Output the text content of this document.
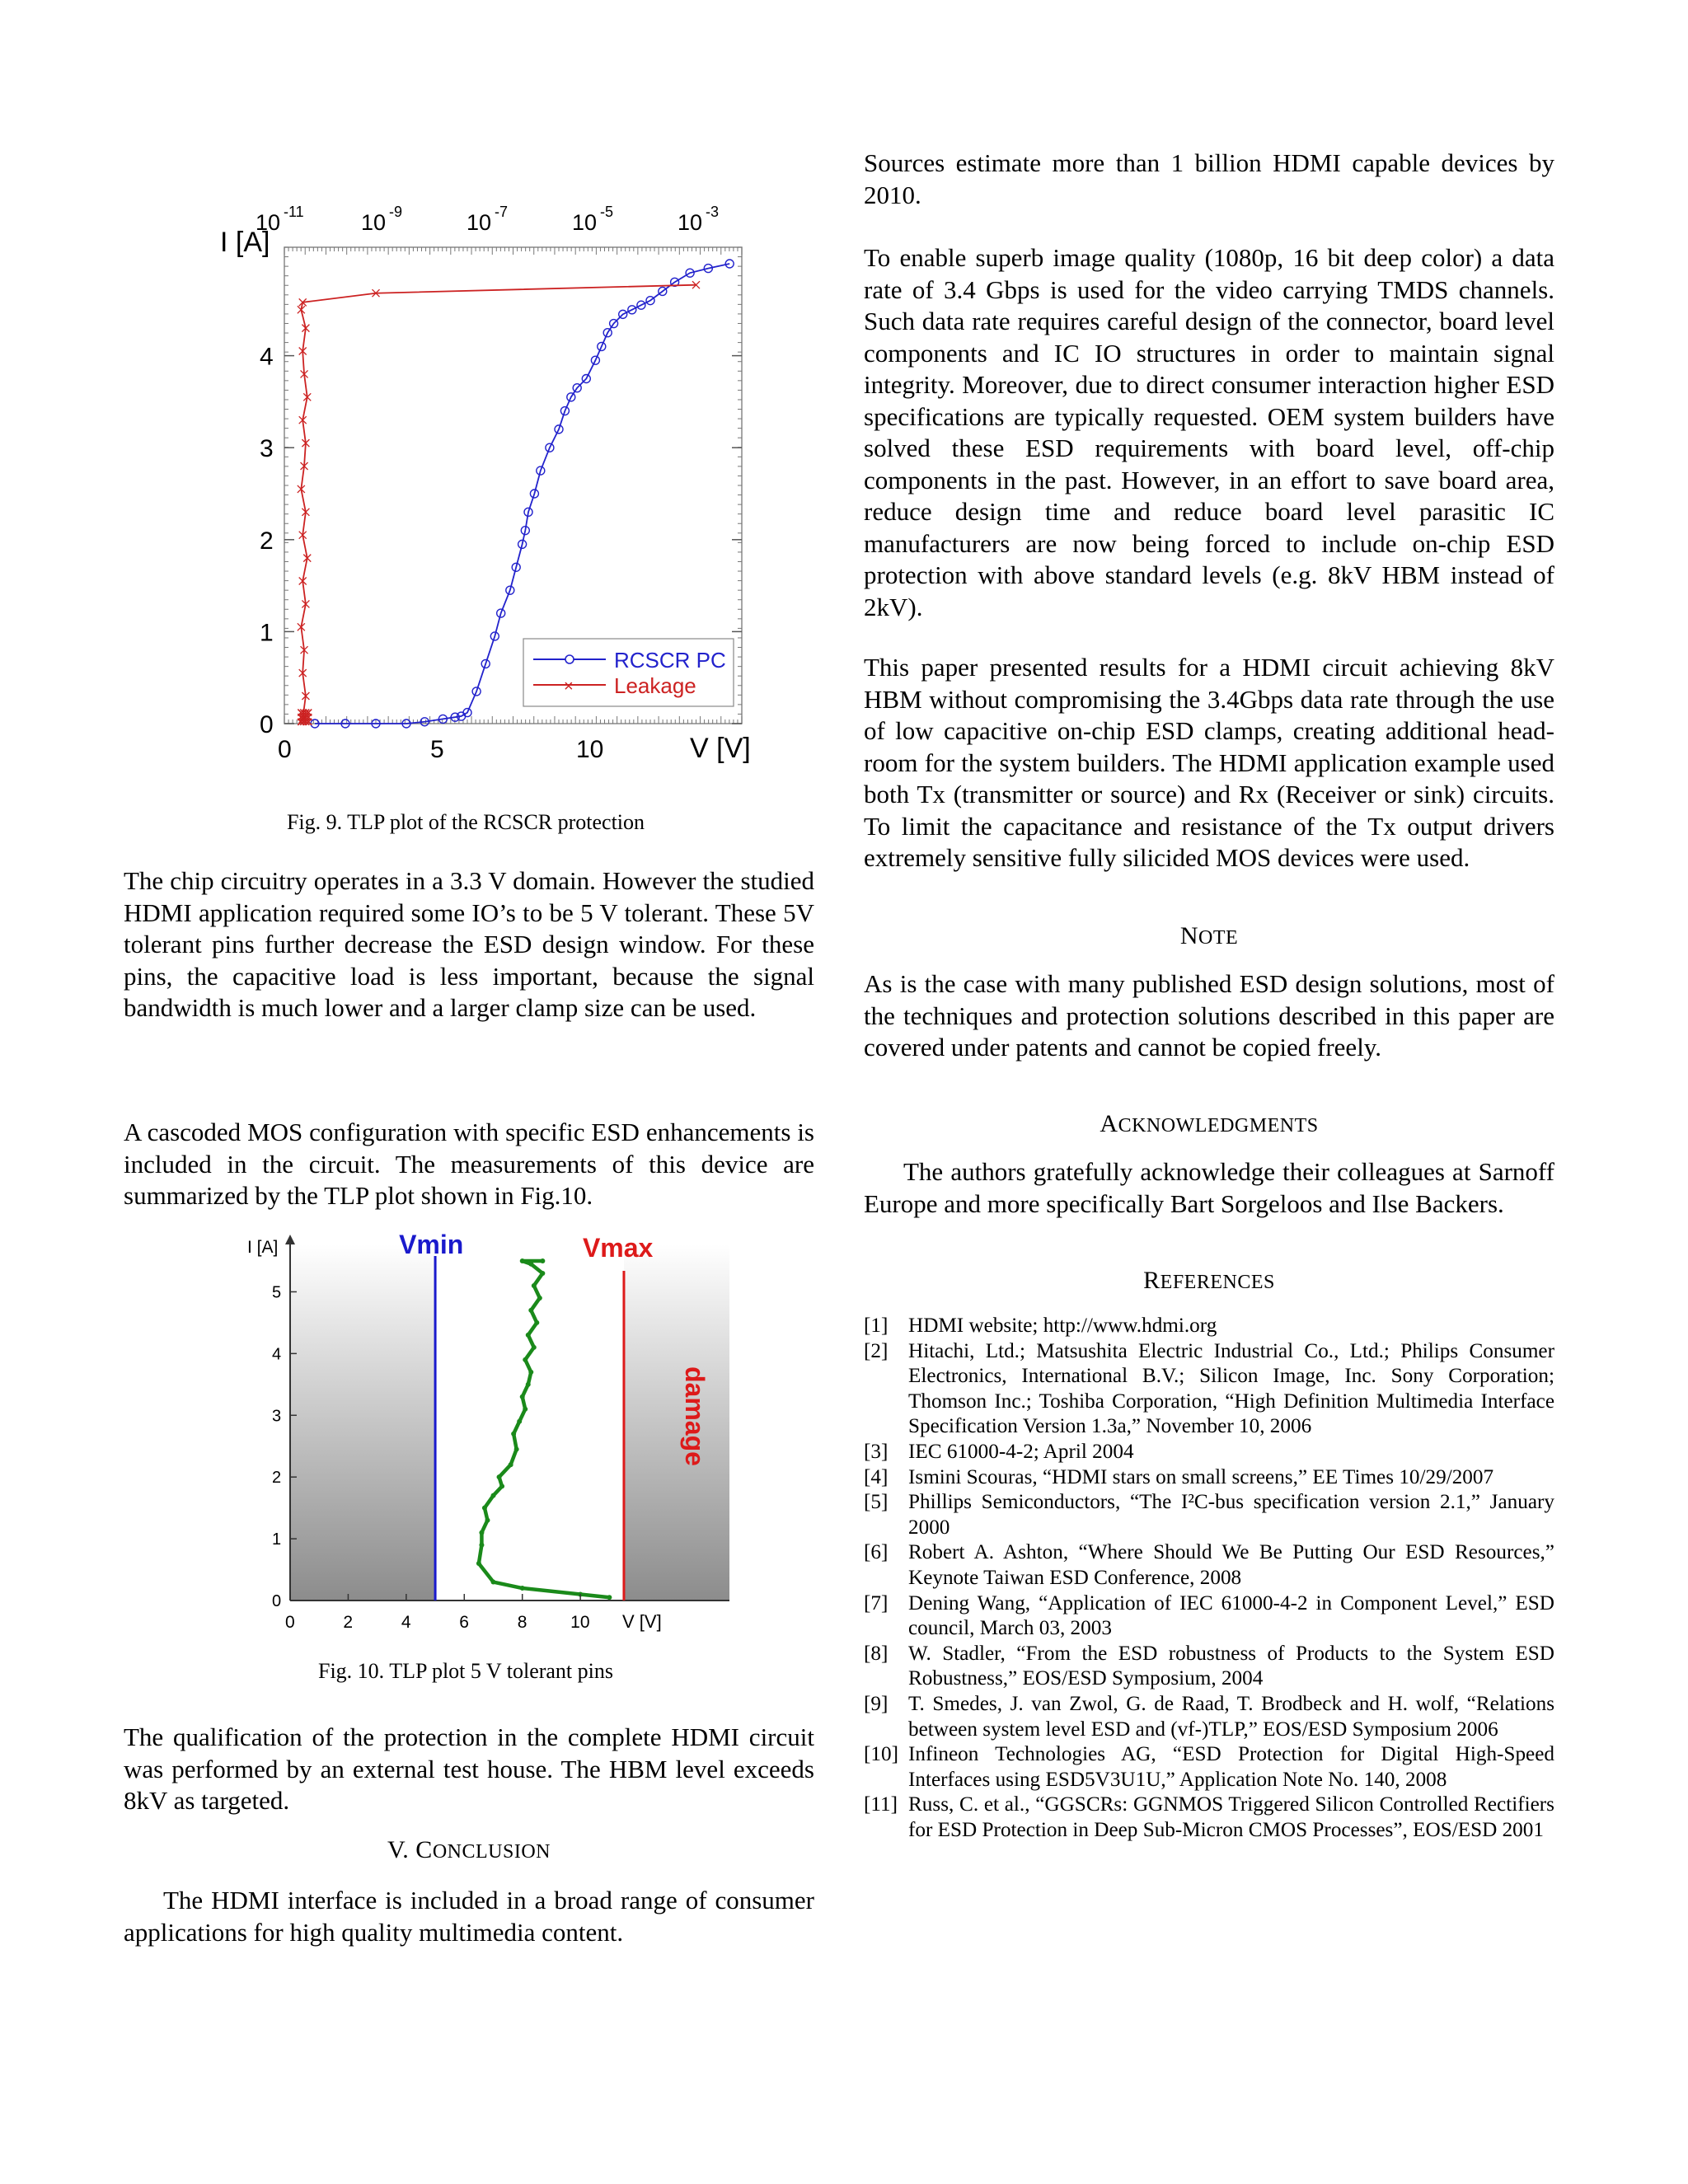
10 -11	10 -9	10 -7	10 -5	10 -3
0
1
2
3
4
0	5	10
I [A]
V [V]
RCSCR PC
× Leakage
Fig. 9. TLP plot of the RCSCR protection
The chip circuitry operates in a 3.3 V domain. However the studied HDMI application required some IO’s to be 5 V tolerant. These 5V tolerant pins further decrease the ESD design window. For these pins, the capacitive load is less important, because the signal bandwidth is much lower and a larger clamp size can be used.
A cascoded MOS configuration with specific ESD enhancements is included in the circuit. The measurements of this device are summarized by the TLP plot shown in Fig.10.
0
1
2
3
4
5
0	2	4	6	8	10
I [A]
V [V]
Vmin	Vmax
damage
Fig. 10. TLP plot 5 V tolerant pins
The qualification of the protection in the complete HDMI circuit was performed by an external test house. The HBM level exceeds 8kV as targeted.
V. CONCLUSION
The HDMI interface is included in a broad range of consumer applications for high quality multimedia content.
Sources estimate more than 1 billion HDMI capable devices by 2010.
To enable superb image quality (1080p, 16 bit deep color) a data rate of 3.4 Gbps is used for the video carrying TMDS channels. Such data rate requires careful design of the connector, board level components and IC IO structures in order to maintain signal integrity. Moreover, due to direct consumer interaction higher ESD specifications are typically requested. OEM system builders have solved these ESD requirements with board level, off-chip components in the past. However, in an effort to save board area, reduce design time and reduce board level parasitic IC manufacturers are now being forced to include on-chip ESD protection with above standard levels (e.g. 8kV HBM instead of 2kV).
This paper presented results for a HDMI circuit achieving 8kV HBM without compromising the 3.4Gbps data rate through the use of low capacitive on-chip ESD clamps, creating additional head-room for the system builders. The HDMI application example used both Tx (transmitter or source) and Rx (Receiver or sink) circuits. To limit the capacitance and resistance of the Tx output drivers extremely sensitive fully silicided MOS devices were used.
NOTE
As is the case with many published ESD design solutions, most of the techniques and protection solutions described in this paper are covered under patents and cannot be copied freely.
ACKNOWLEDGMENTS
The authors gratefully acknowledge their colleagues at Sarnoff Europe and more specifically Bart Sorgeloos and Ilse Backers.
REFERENCES
[1] HDMI website; http://www.hdmi.org
[2] Hitachi, Ltd.; Matsushita Electric Industrial Co., Ltd.; Philips Consumer Electronics, International B.V.; Silicon Image, Inc. Sony Corporation; Thomson Inc.; Toshiba Corporation, “High Definition Multimedia Interface Specification Version 1.3a,” November 10, 2006
[3] IEC 61000-4-2; April 2004
[4] Ismini Scouras, “HDMI stars on small screens,” EE Times 10/29/2007
[5] Phillips Semiconductors, “The I²C-bus specification version 2.1,” January 2000
[6] Robert A. Ashton, “Where Should We Be Putting Our ESD Resources,” Keynote Taiwan ESD Conference, 2008
[7] Dening Wang, “Application of IEC 61000-4-2 in Component Level,” ESD council, March 03, 2003
[8] W. Stadler, “From the ESD robustness of Products to the System ESD Robustness,” EOS/ESD Symposium, 2004
[9] T. Smedes, J. van Zwol, G. de Raad, T. Brodbeck and H. wolf, “Relations between system level ESD and (vf-)TLP,” EOS/ESD Symposium 2006
[10] Infineon Technologies AG, “ESD Protection for Digital High-Speed Interfaces using ESD5V3U1U,” Application Note No. 140, 2008
[11] Russ, C. et al., “GGSCRs: GGNMOS Triggered Silicon Controlled Rectifiers for ESD Protection in Deep Sub-Micron CMOS Processes”, EOS/ESD 2001
